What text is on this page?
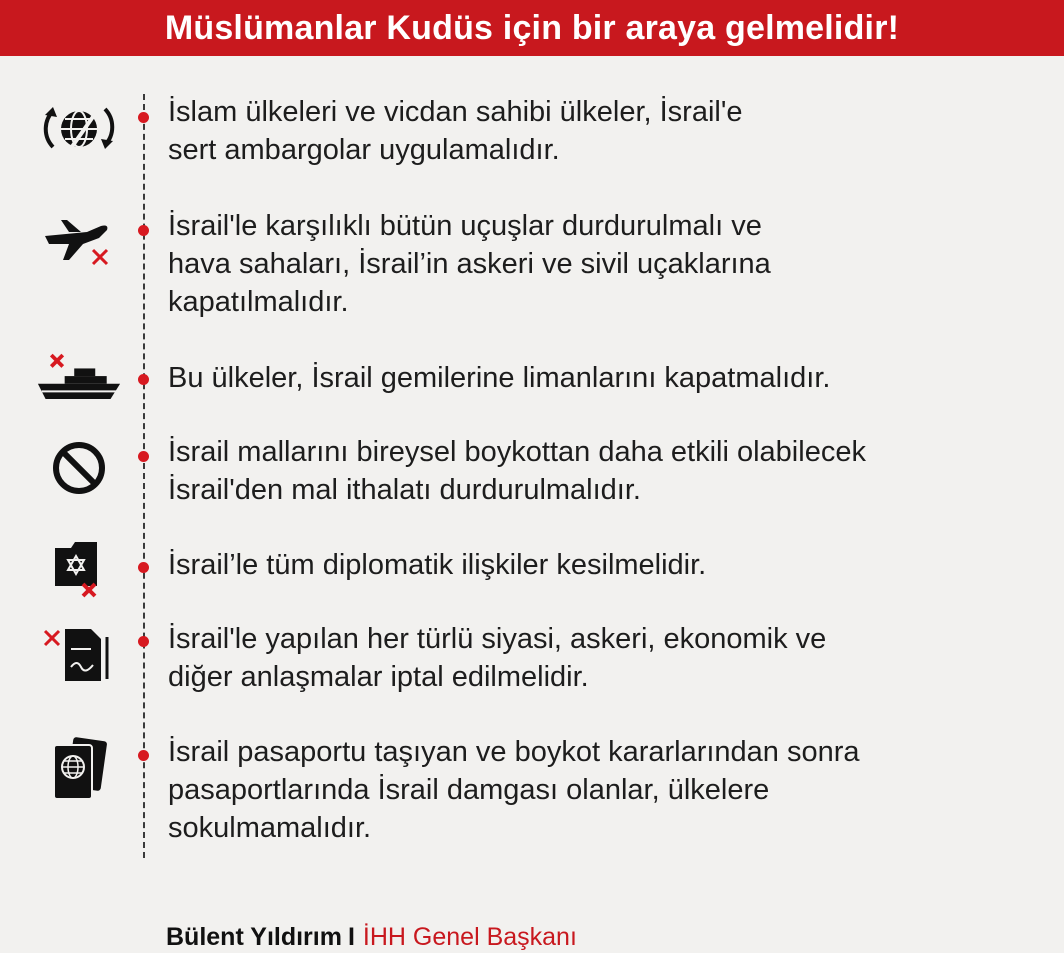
Müslümanlar Kudüs için bir araya gelmelidir!
İslam ülkeleri ve vicdan sahibi ülkeler, İsrail'e
sert ambargolar uygulamalıdır.
İsrail'le karşılıklı bütün uçuşlar durdurulmalı ve
hava sahaları, İsrail’in askeri ve sivil uçaklarına
kapatılmalıdır.
Bu ülkeler, İsrail gemilerine limanlarını kapatmalıdır.
İsrail mallarını bireysel boykottan daha etkili olabilecek
İsrail'den mal ithalatı durdurulmalıdır.
İsrail’le tüm diplomatik ilişkiler kesilmelidir.
İsrail'le yapılan her türlü siyasi, askeri, ekonomik ve
diğer anlaşmalar iptal edilmelidir.
İsrail pasaportu taşıyan ve boykot kararlarından sonra
pasaportlarında İsrail damgası olanlar, ülkelere
sokulmamalıdır.
Bülent Yıldırım I İHH Genel Başkanı
